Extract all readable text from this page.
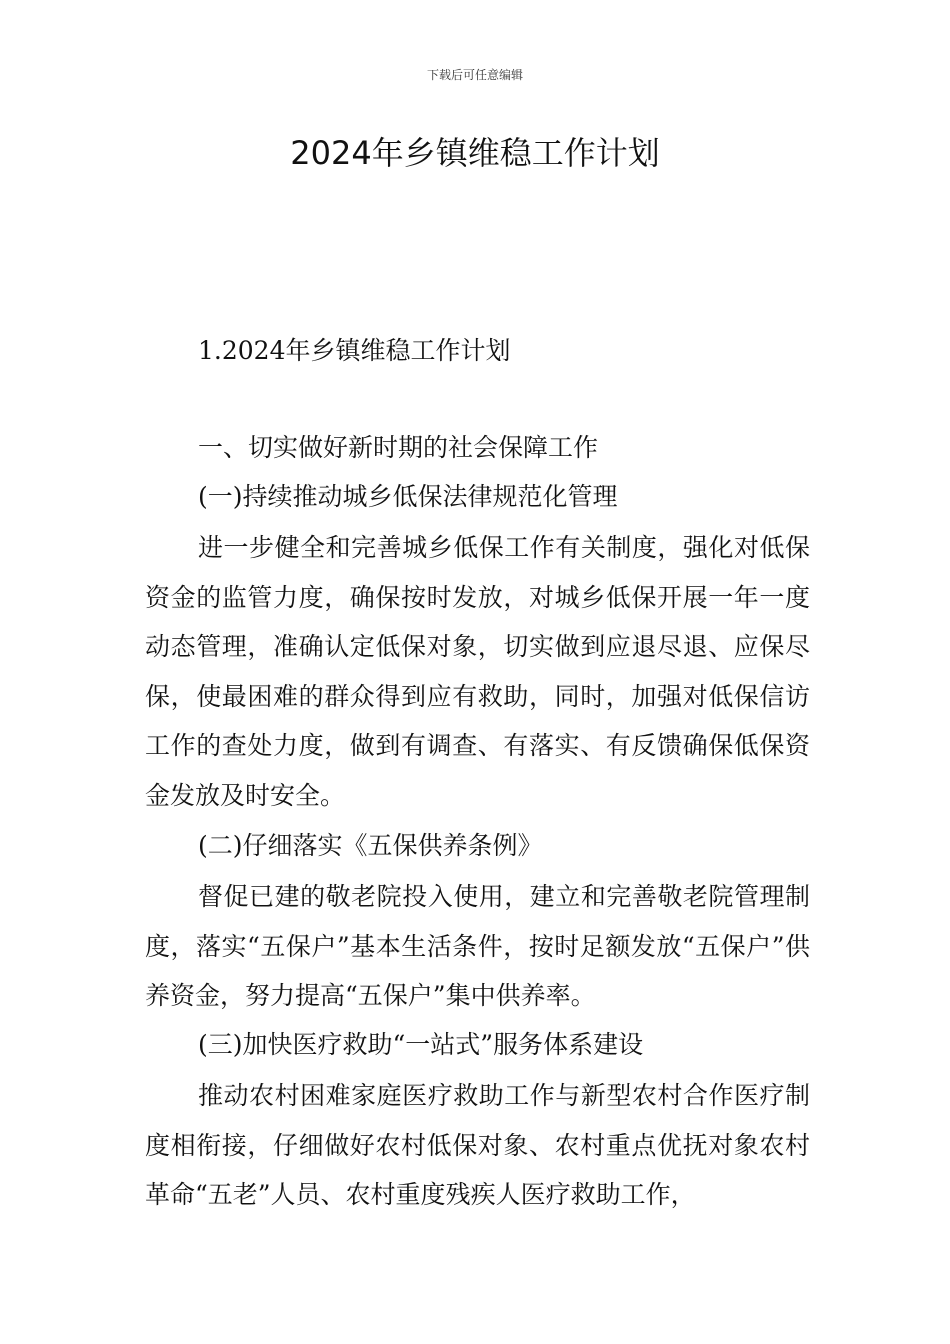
下载后可任意编辑
2024年乡镇维稳工作计划
1.2024年乡镇维稳工作计划
一、切实做好新时期的社会保障工作
(一)持续推动城乡低保法律规范化管理
进一步健全和完善城乡低保工作有关制度，强化对低保资金的监管力度，确保按时发放，对城乡低保开展一年一度动态管理，准确认定低保对象，切实做到应退尽退、应保尽保，使最困难的群众得到应有救助，同时，加强对低保信访工作的查处力度，做到有调查、有落实、有反馈确保低保资金发放及时安全。
(二)仔细落实《五保供养条例》
督促已建的敬老院投入使用，建立和完善敬老院管理制度，落实“五保户”基本生活条件，按时足额发放“五保户”供养资金，努力提高“五保户”集中供养率。
(三)加快医疗救助“一站式”服务体系建设
推动农村困难家庭医疗救助工作与新型农村合作医疗制度相衔接，仔细做好农村低保对象、农村重点优抚对象农村革命“五老”人员、农村重度残疾人医疗救助工作，
